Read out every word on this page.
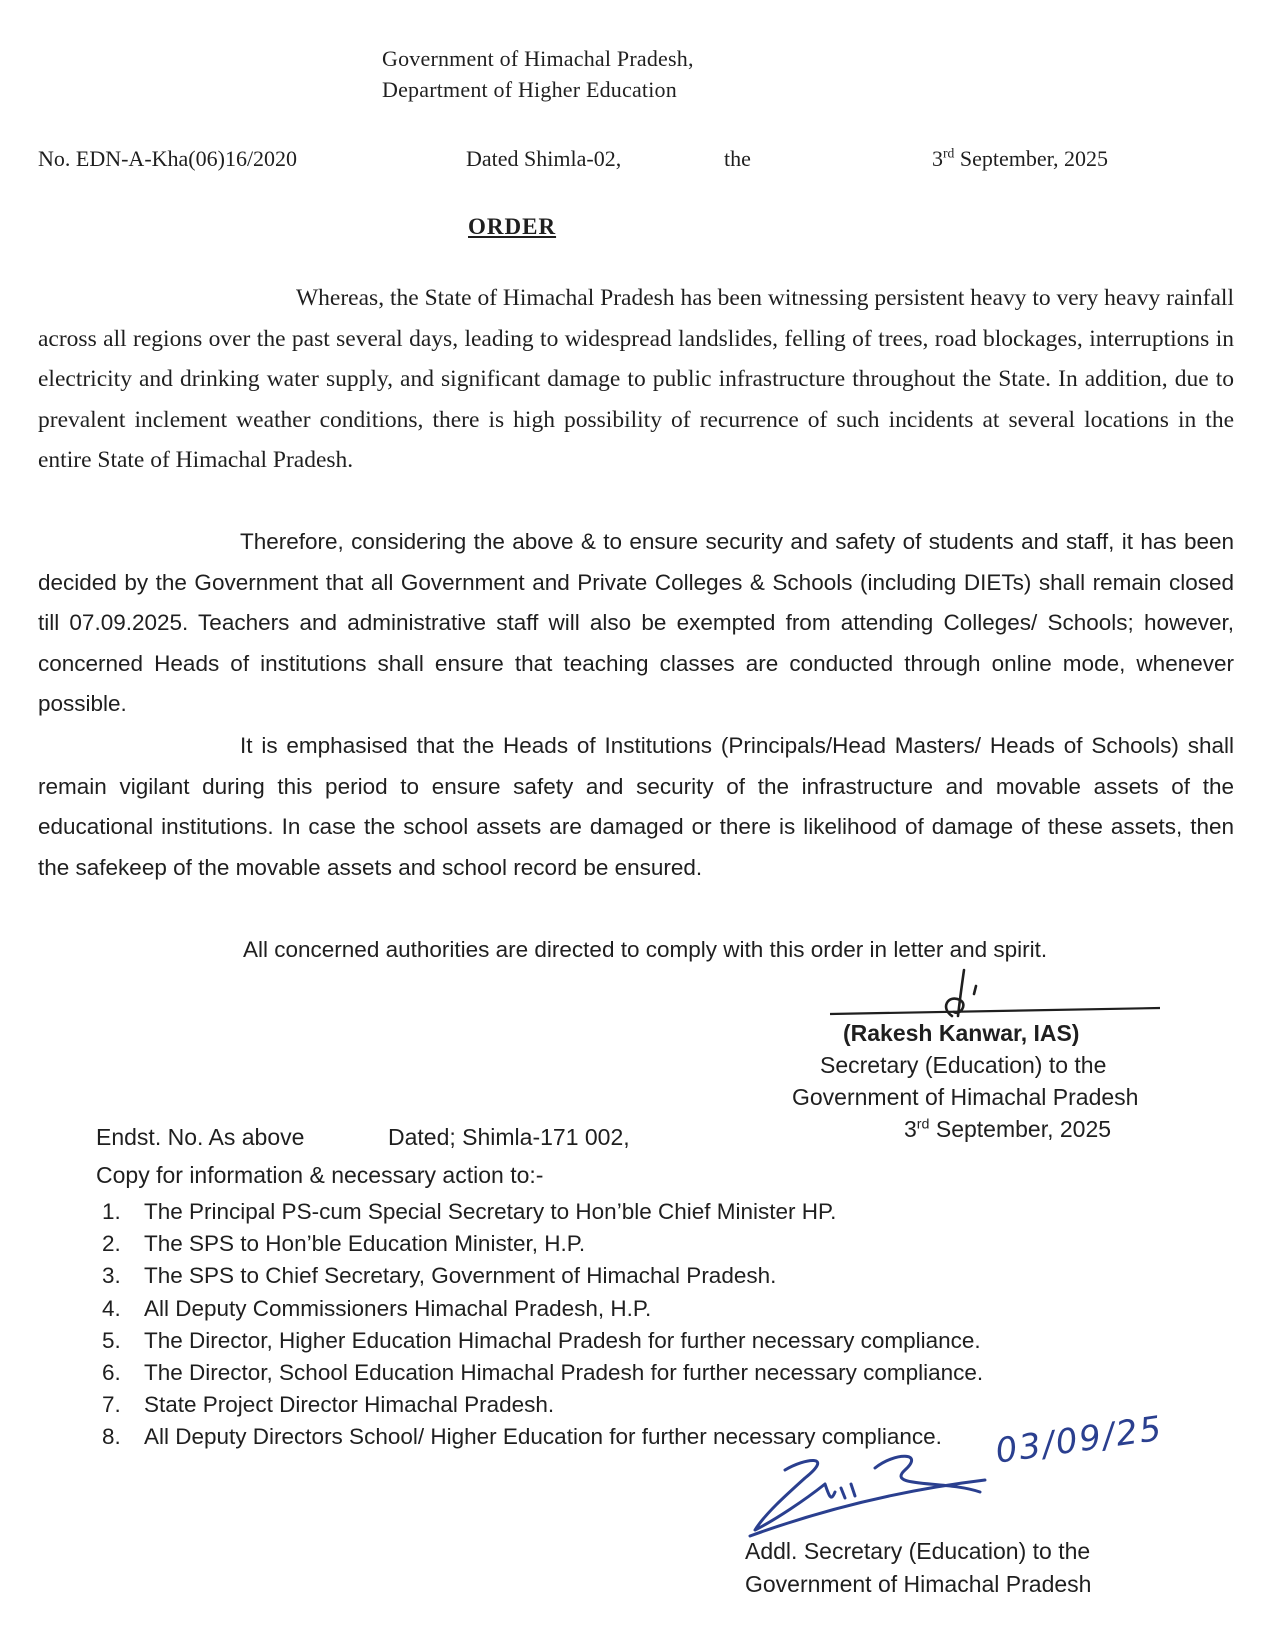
Government of Himachal Pradesh,
Department of Higher Education
No. EDN-A-Kha(06)16/2020	Dated Shimla-02,	the	3rd September, 2025
ORDER
Whereas, the State of Himachal Pradesh has been witnessing persistent heavy to very heavy rainfall across all regions over the past several days, leading to widespread landslides, felling of trees, road blockages, interruptions in electricity and drinking water supply, and significant damage to public infrastructure throughout the State. In addition, due to prevalent inclement weather conditions, there is high possibility of recurrence of such incidents at several locations in the entire State of Himachal Pradesh.
Therefore, considering the above & to ensure security and safety of students and staff, it has been decided by the Government that all Government and Private Colleges & Schools (including DIETs) shall remain closed till 07.09.2025. Teachers and administrative staff will also be exempted from attending Colleges/ Schools; however, concerned Heads of institutions shall ensure that teaching classes are conducted through online mode, whenever possible.
It is emphasised that the Heads of Institutions (Principals/Head Masters/ Heads of Schools) shall remain vigilant during this period to ensure safety and security of the infrastructure and movable assets of the educational institutions. In case the school assets are damaged or there is likelihood of damage of these assets, then the safekeep of the movable assets and school record be ensured.
All concerned authorities are directed to comply with this order in letter and spirit.
(Rakesh Kanwar, IAS)
Secretary (Education) to the
Government of Himachal Pradesh
3rd September, 2025
Endst. No. As above	Dated; Shimla-171 002,
Copy for information & necessary action to:-
1. The Principal PS-cum Special Secretary to Hon’ble Chief Minister HP.
2. The SPS to Hon’ble Education Minister, H.P.
3. The SPS to Chief Secretary, Government of Himachal Pradesh.
4. All Deputy Commissioners Himachal Pradesh, H.P.
5. The Director, Higher Education Himachal Pradesh for further necessary compliance.
6. The Director, School Education Himachal Pradesh for further necessary compliance.
7. State Project Director Himachal Pradesh.
8. All Deputy Directors School/ Higher Education for further necessary compliance.	03/09/25
Addl. Secretary (Education) to the
Government of Himachal Pradesh
